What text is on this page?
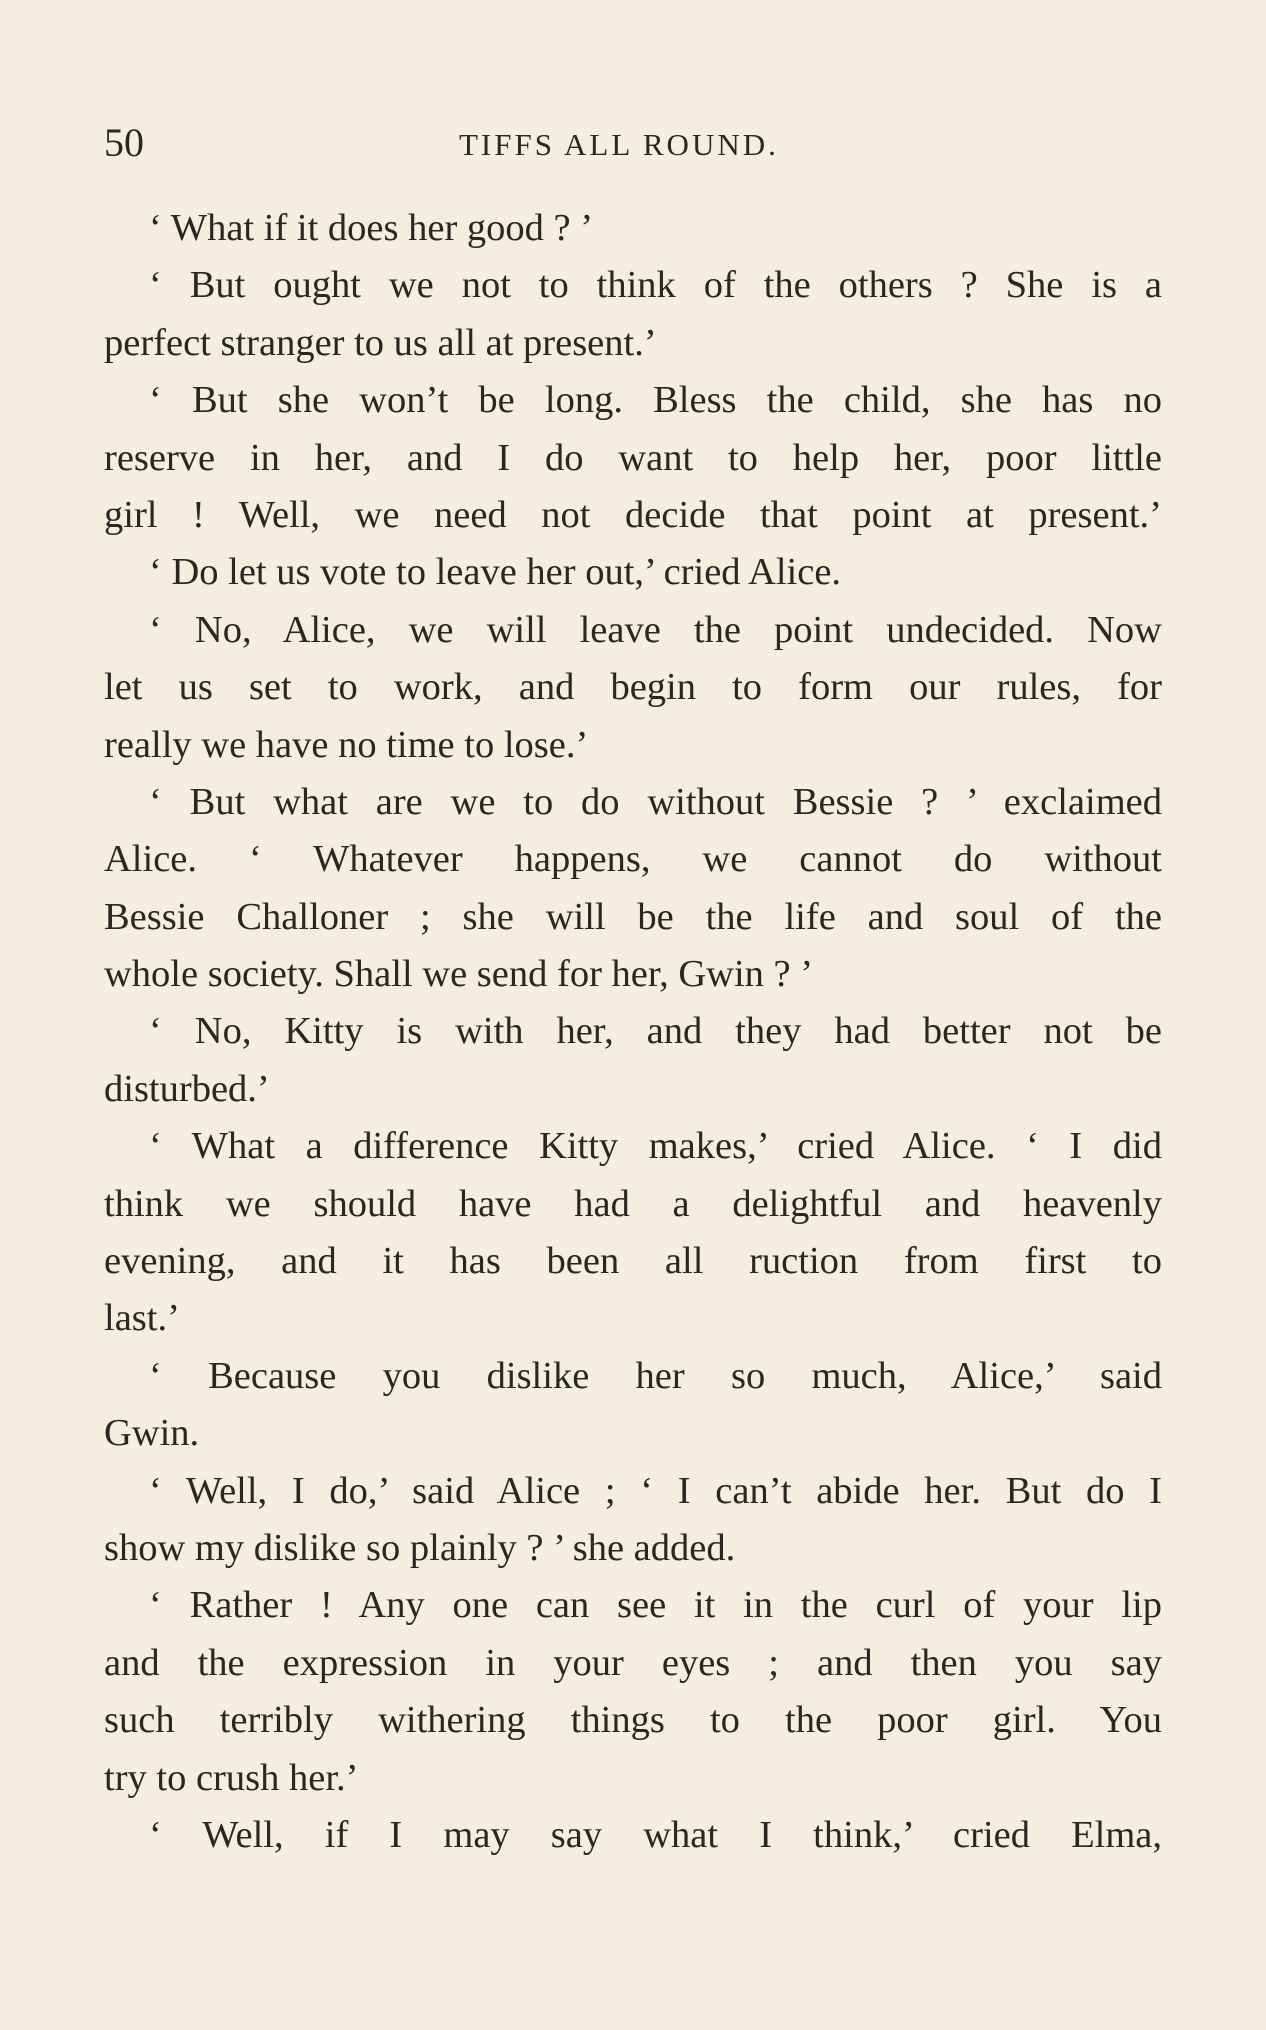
50	TIFFS ALL ROUND.
‘ What if it does her good ? ’
‘ But ought we not to think of the others ? She is a
perfect stranger to us all at present.’
‘ But she won’t be long. Bless the child, she has no
reserve in her, and I do want to help her, poor little
girl ! Well, we need not decide that point at present.’
‘ Do let us vote to leave her out,’ cried Alice.
‘ No, Alice, we will leave the point undecided. Now
let us set to work, and begin to form our rules, for
really we have no time to lose.’
‘ But what are we to do without Bessie ? ’ exclaimed
Alice. ‘ Whatever happens, we cannot do without
Bessie Challoner ; she will be the life and soul of the
whole society. Shall we send for her, Gwin ? ’
‘ No, Kitty is with her, and they had better not be
disturbed.’
‘ What a difference Kitty makes,’ cried Alice. ‘ I did
think we should have had a delightful and heavenly
evening, and it has been all ruction from first to
last.’
‘ Because you dislike her so much, Alice,’ said
Gwin.
‘ Well, I do,’ said Alice ; ‘ I can’t abide her. But do I
show my dislike so plainly ? ’ she added.
‘ Rather ! Any one can see it in the curl of your lip
and the expression in your eyes ; and then you say
such terribly withering things to the poor girl. You
try to crush her.’
‘ Well, if I may say what I think,’ cried Elma,
